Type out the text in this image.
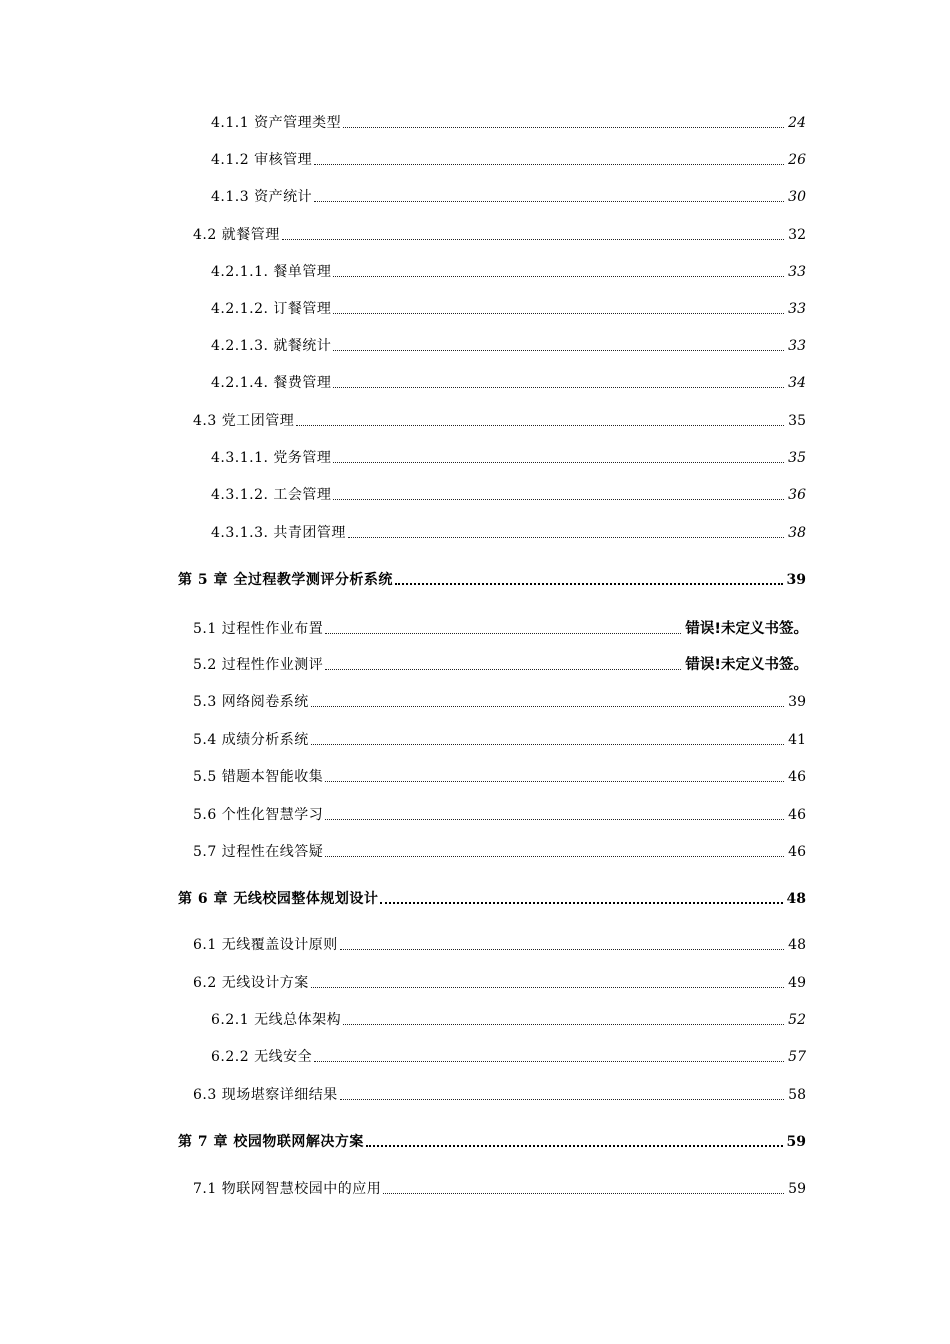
4.1.1 资产管理类型	24
4.1.2 审核管理	26
4.1.3 资产统计	30
4.2 就餐管理	32
4.2.1.1. 餐单管理	33
4.2.1.2. 订餐管理	33
4.2.1.3. 就餐统计	33
4.2.1.4. 餐费管理	34
4.3 党工团管理	35
4.3.1.1. 党务管理	35
4.3.1.2. 工会管理	36
4.3.1.3. 共青团管理	38
第 5 章 全过程教学测评分析系统	39
5.1 过程性作业布置	错误!未定义书签。
5.2 过程性作业测评	错误!未定义书签。
5.3 网络阅卷系统	39
5.4 成绩分析系统	41
5.5 错题本智能收集	46
5.6 个性化智慧学习	46
5.7 过程性在线答疑	46
第 6 章 无线校园整体规划设计	48
6.1 无线覆盖设计原则	48
6.2 无线设计方案	49
6.2.1 无线总体架构	52
6.2.2 无线安全	57
6.3 现场堪察详细结果	58
第 7 章 校园物联网解决方案	59
7.1 物联网智慧校园中的应用	59
